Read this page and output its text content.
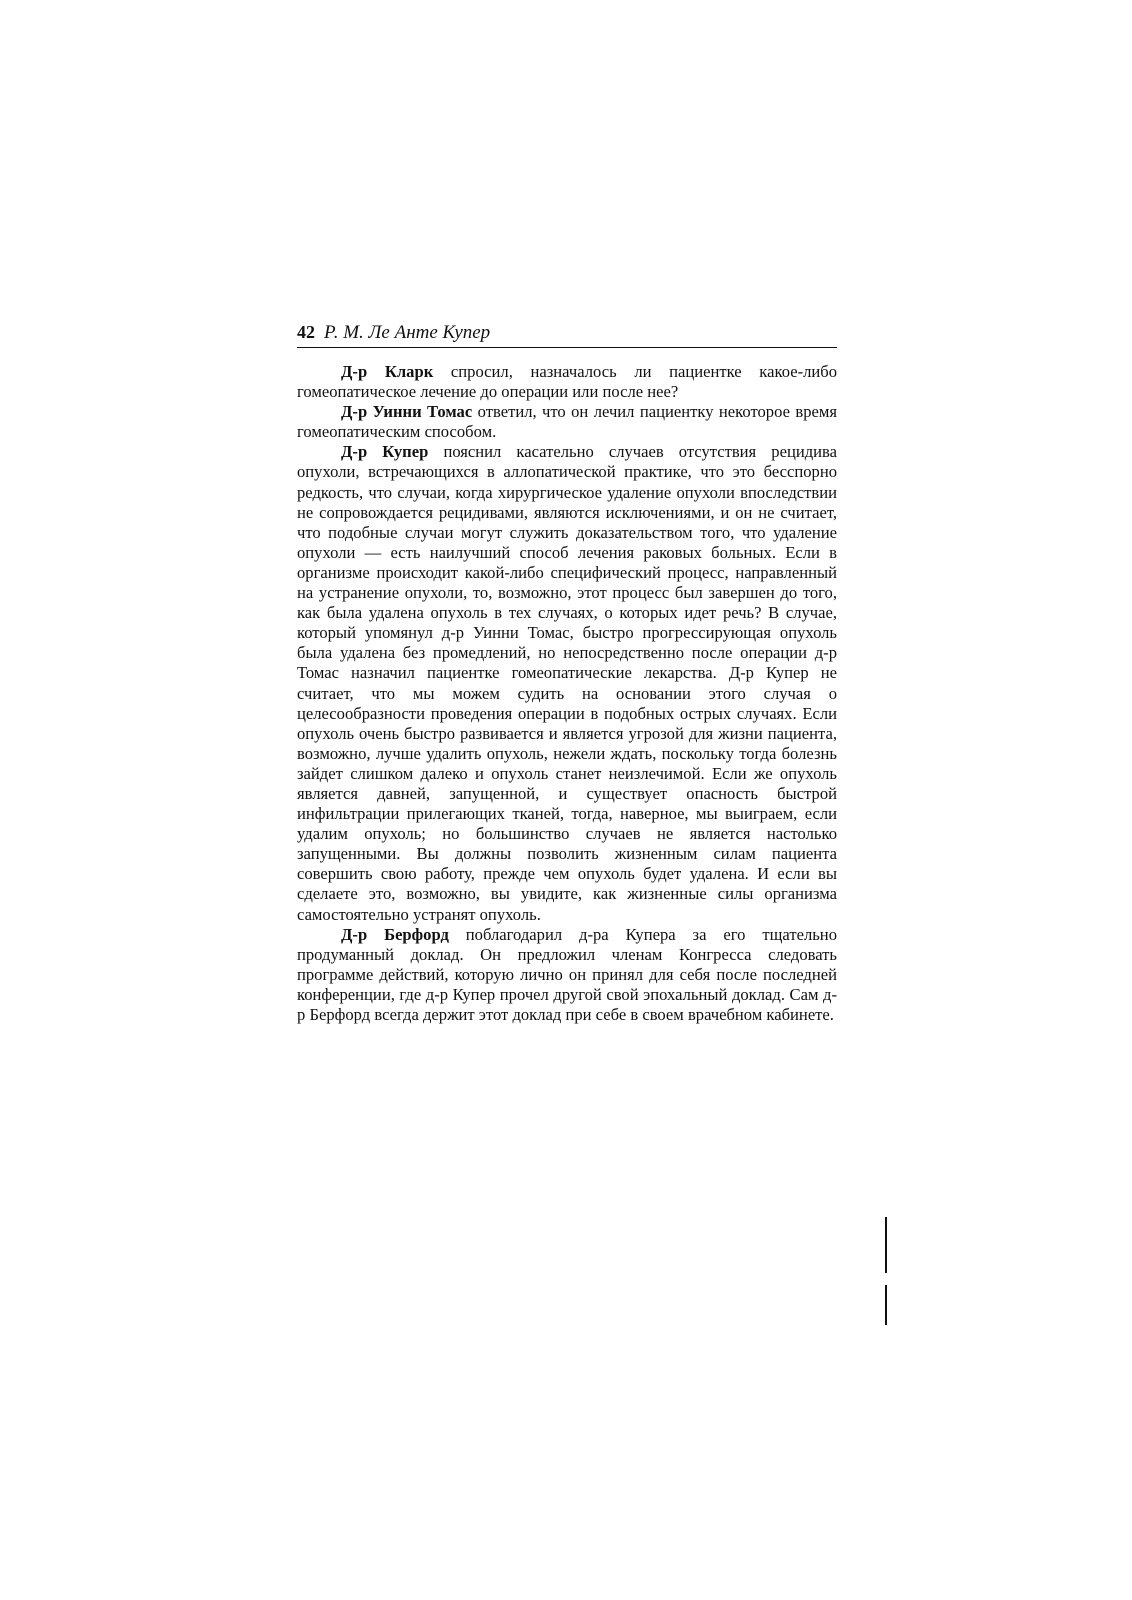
42 Р. М. Ле Анте Купер

Д-р Кларк спросил, назначалось ли пациентке какое-либо гомеопатическое лечение до операции или после нее?

Д-р Уинни Томас ответил, что он лечил пациентку некоторое время гомеопатическим способом.

Д-р Купер пояснил касательно случаев отсутствия рецидива опухоли, встречающихся в аллопатической практике, что это бесспорно редкость, что случаи, когда хирургическое удаление опухоли впоследствии не сопровождается рецидивами, являются исключениями, и он не считает, что подобные случаи могут служить доказательством того, что удаление опухоли — есть наилучший способ лечения раковых больных. Если в организме происходит какой-либо специфический процесс, направленный на устранение опухоли, то, возможно, этот процесс был завершен до того, как была удалена опухоль в тех случаях, о которых идет речь? В случае, который упомянул д-р Уинни Томас, быстро прогрессирующая опухоль была удалена без промедлений, но непосредственно после операции д-р Томас назначил пациентке гомеопатические лекарства. Д-р Купер не считает, что мы можем судить на основании этого случая о целесообразности проведения операции в подобных острых случаях. Если опухоль очень быстро развивается и является угрозой для жизни пациента, возможно, лучше удалить опухоль, нежели ждать, поскольку тогда болезнь зайдет слишком далеко и опухоль станет неизлечимой. Если же опухоль является давней, запущенной, и существует опасность быстрой инфильтрации прилегающих тканей, тогда, наверное, мы выиграем, если удалим опухоль; но большинство случаев не является настолько запущенными. Вы должны позволить жизненным силам пациента совершить свою работу, прежде чем опухоль будет удалена. И если вы сделаете это, возможно, вы увидите, как жизненные силы организма самостоятельно устранят опухоль.

Д-р Берфорд поблагодарил д-ра Купера за его тщательно продуманный доклад. Он предложил членам Конгресса следовать программе действий, которую лично он принял для себя после последней конференции, где д-р Купер прочел другой свой эпохальный доклад. Сам д-р Берфорд всегда держит этот доклад при себе в своем врачебном кабинете.
